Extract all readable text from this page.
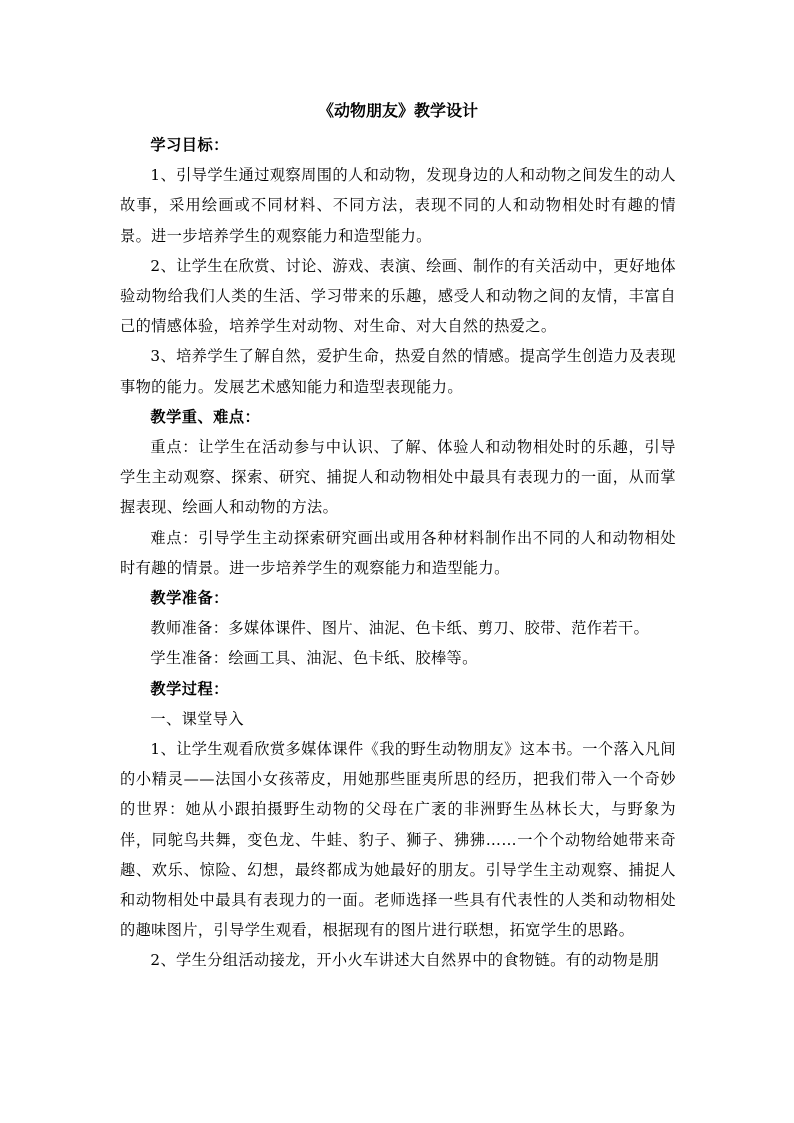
《动物朋友》教学设计
学习目标：

1、引导学生通过观察周围的人和动物，发现身边的人和动物之间发生的动人故事，采用绘画或不同材料、不同方法，表现不同的人和动物相处时有趣的情景。进一步培养学生的观察能力和造型能力。

2、让学生在欣赏、讨论、游戏、表演、绘画、制作的有关活动中，更好地体验动物给我们人类的生活、学习带来的乐趣，感受人和动物之间的友情，丰富自己的情感体验，培养学生对动物、对生命、对大自然的热爱之。

3、培养学生了解自然，爱护生命，热爱自然的情感。提高学生创造力及表现事物的能力。发展艺术感知能力和造型表现能力。

教学重、难点：

重点：让学生在活动参与中认识、了解、体验人和动物相处时的乐趣，引导学生主动观察、探索、研究、捕捉人和动物相处中最具有表现力的一面，从而掌握表现、绘画人和动物的方法。

难点：引导学生主动探索研究画出或用各种材料制作出不同的人和动物相处时有趣的情景。进一步培养学生的观察能力和造型能力。

教学准备：

教师准备：多媒体课件、图片、油泥、色卡纸、剪刀、胶带、范作若干。

学生准备：绘画工具、油泥、色卡纸、胶棒等。

教学过程：

一、课堂导入

1、让学生观看欣赏多媒体课件《我的野生动物朋友》这本书。一个落入凡间的小精灵——法国小女孩蒂皮，用她那些匪夷所思的经历，把我们带入一个奇妙的世界：她从小跟拍摄野生动物的父母在广袤的非洲野生丛林长大，与野象为伴，同鸵鸟共舞，变色龙、牛蛙、豹子、狮子、狒狒……一个个动物给她带来奇趣、欢乐、惊险、幻想，最终都成为她最好的朋友。引导学生主动观察、捕捉人和动物相处中最具有表现力的一面。老师选择一些具有代表性的人类和动物相处的趣味图片，引导学生观看，根据现有的图片进行联想，拓宽学生的思路。

2、学生分组活动接龙，开小火车讲述大自然界中的食物链。有的动物是朋
